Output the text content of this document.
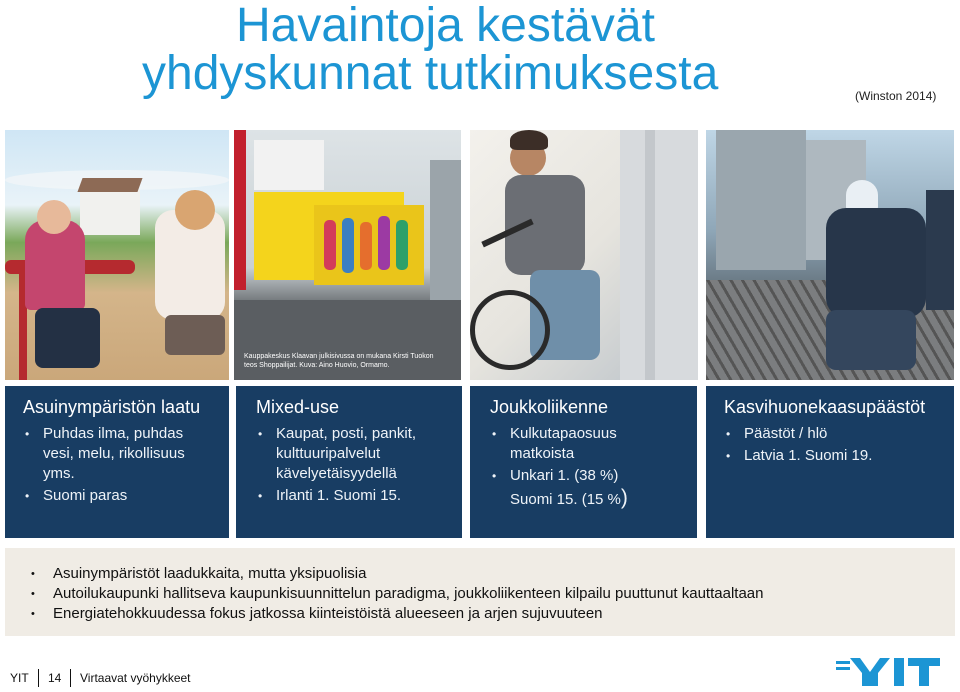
Havaintoja kestävät
yhdyskunnat tutkimuksesta	(Winston 2014)
Kauppakeskus Klaavan julkisivussa on mukana Kirsti Tuokon teos Shoppailijat. Kuva: Aino Huovio, Ormamo.
Asuinympäristön laatu
• Puhdas ilma, puhdas vesi, melu, rikollisuus yms.
• Suomi paras
Mixed-use
• Kaupat, posti, pankit, kulttuuripalvelut kävelyetäisyydellä
• Irlanti 1. Suomi 15.
Joukkoliikenne
• Kulkutapaosuus matkoista
• Unkari 1. (38 %)
Suomi 15. (15 %)
Kasvihuonekaasupäästöt
• Päästöt / hlö
• Latvia 1. Suomi 19.
• Asuinympäristöt laadukkaita, mutta yksipuolisia
• Autoilukaupunki hallitseva kaupunkisuunnittelun paradigma, joukkoliikenteen kilpailu puuttunut kauttaaltaan
• Energiatehokkuudessa fokus jatkossa kiinteistöistä alueeseen ja arjen sujuvuuteen
YIT 14 Virtaavat vyöhykkeet
